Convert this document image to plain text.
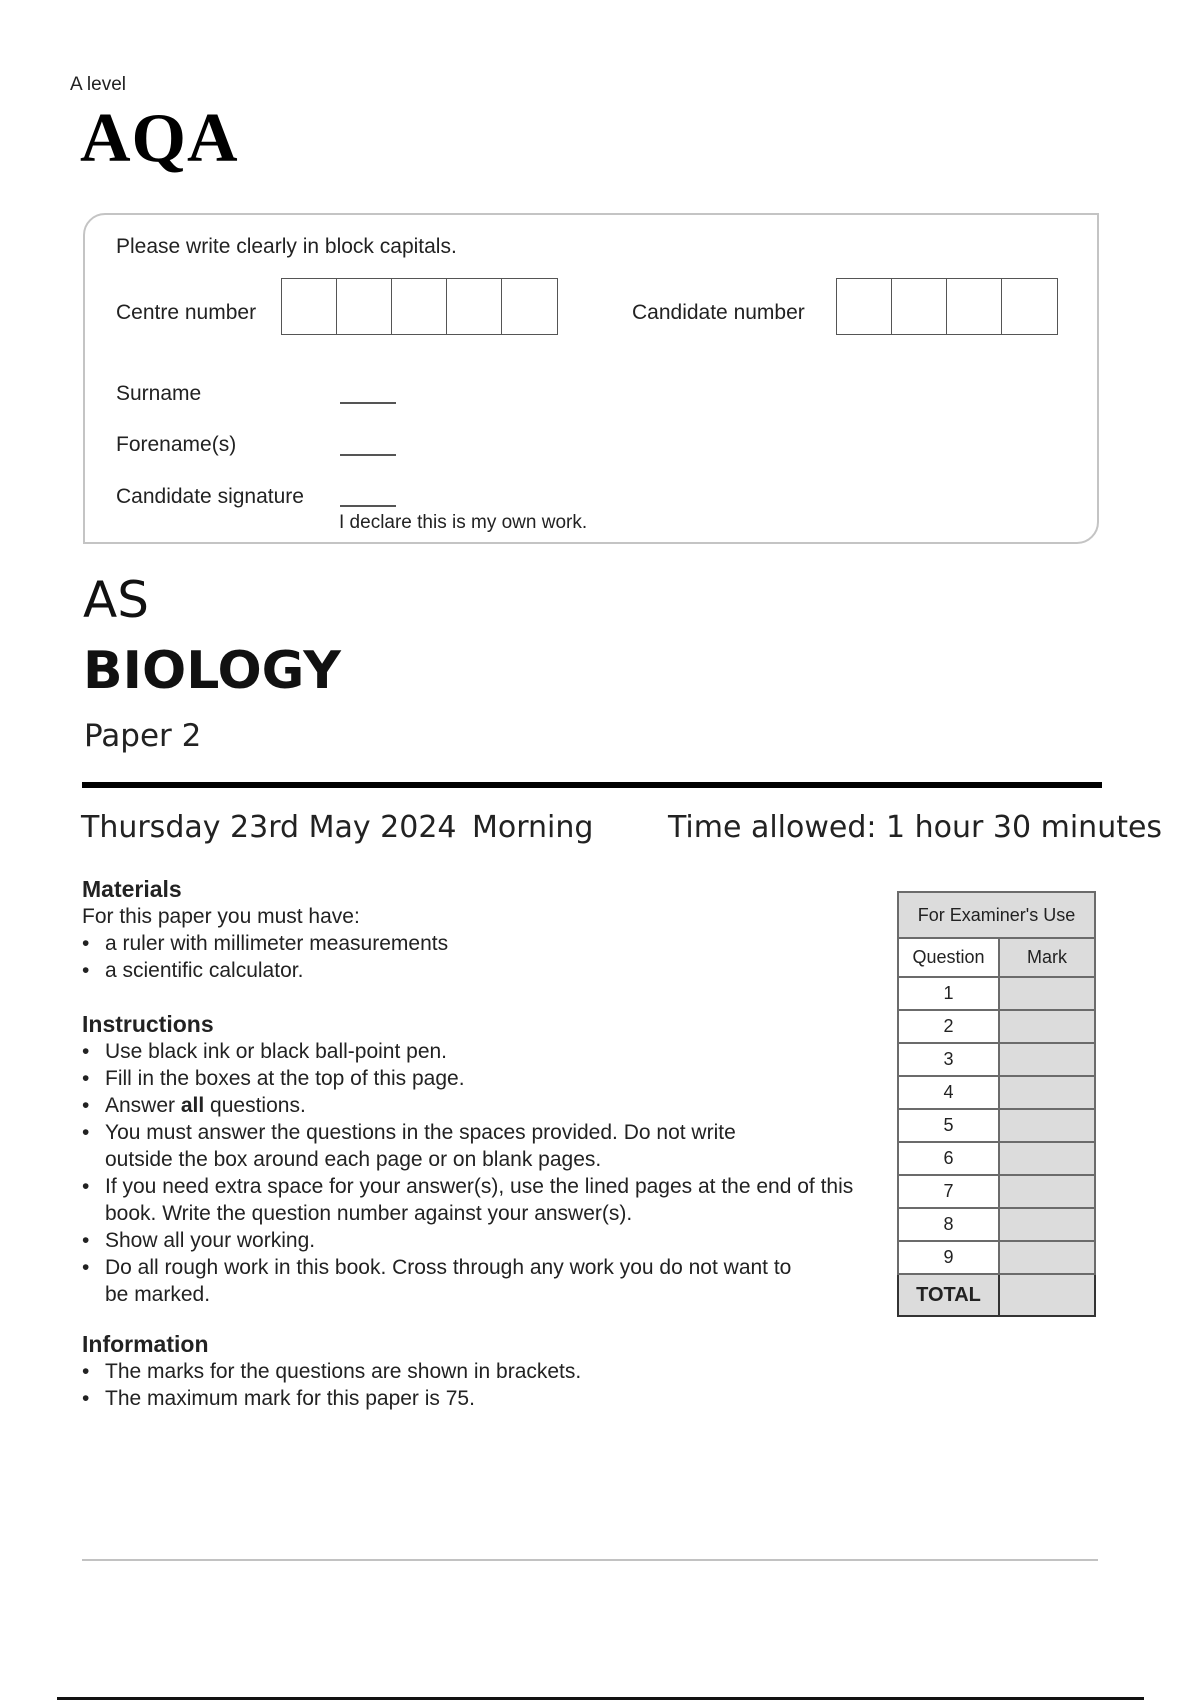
A level
AQA
Please write clearly in block capitals.
Centre number	Candidate number
Surname
Forename(s)
Candidate signature
I declare this is my own work.
AS
BIOLOGY
Paper 2
Thursday 23rd May 2024 Morning Time allowed: 1 hour 30 minutes
Materials
For this paper you must have:
• a ruler with millimeter measurements
• a scientific calculator.
Instructions
• Use black ink or black ball-point pen.
• Fill in the boxes at the top of this page.
• Answer all questions.
• You must answer the questions in the spaces provided. Do not write outside the box around each page or on blank pages.
• If you need extra space for your answer(s), use the lined pages at the end of this book. Write the question number against your answer(s).
• Show all your working.
• Do all rough work in this book. Cross through any work you do not want to be marked.
Information
• The marks for the questions are shown in brackets.
• The maximum mark for this paper is 75.
For Examiner's Use	
Question	Mark
1	
2	
3	
4	
5	
6	
7	
8	
9	
TOTAL	
